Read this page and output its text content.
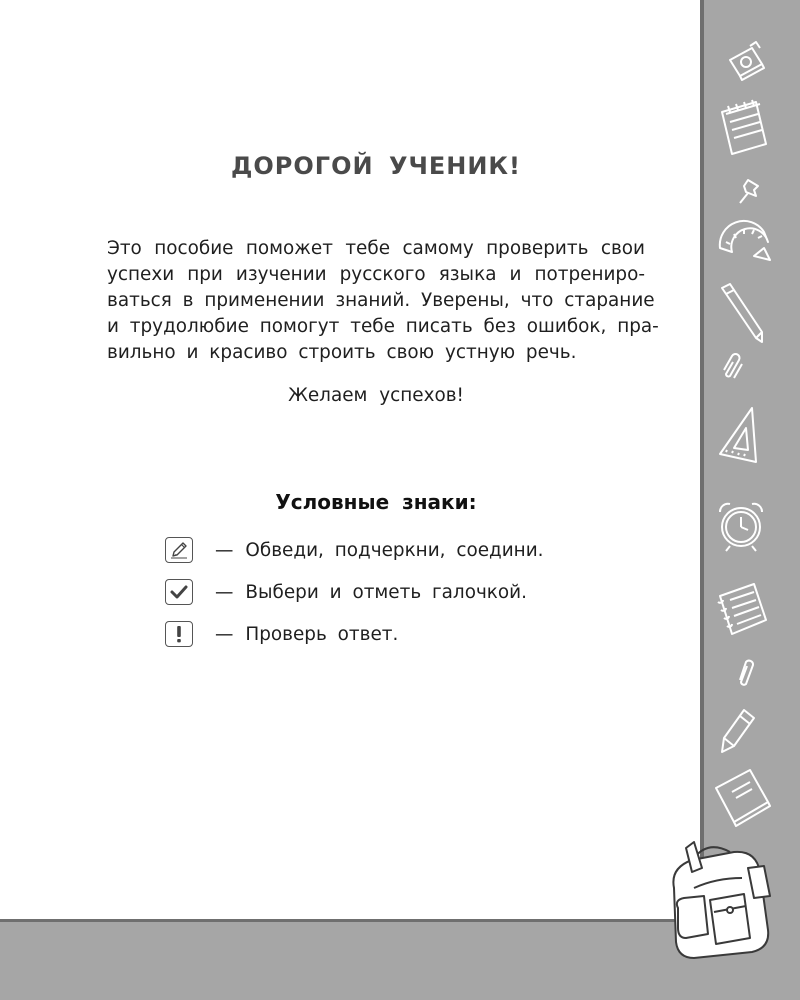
ДОРОГОЙ УЧЕНИК!
Это пособие поможет тебе самому проверить свои
успехи при изучении русского языка и потрениро-
ваться в применении знаний. Уверены, что старание
и трудолюбие помогут тебе писать без ошибок, пра-
вильно и красиво строить свою устную речь.
Желаем успехов!
Условные знаки:
— Обведи, подчеркни, соедини.
— Выбери и отметь галочкой.
— Проверь ответ.
